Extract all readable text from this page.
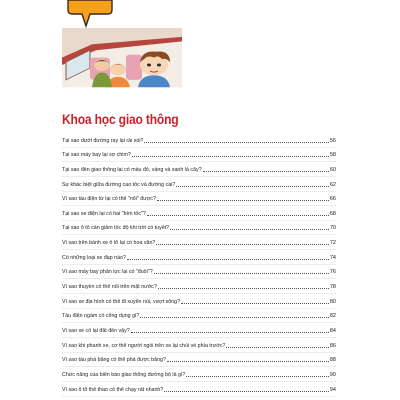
Khoa học giao thông
Tại sao dưới đường ray lại rải sỏi?	56
Tại sao máy bay lại sợ chim?	58
Tại sao đèn giao thông lại có màu đỏ, vàng và xanh lá cây?	60
Sự khác biệt giữa đường cao tốc và đường cái?	62
Vì sao tàu điện từ lại có thể "nổi" được?	66
Tại sao xe điện lại có hai "bím tóc"?	68
Tại sao ô tô cần giảm tốc độ khi trời có tuyết?	70
Vì sao trên bánh xe ô tô lại có hoa văn?	72
Có những loại xe đạp nào?	74
Vì sao máy bay phản lực lại có "đuôi"?	76
Vì sao thuyền có thể nổi trên mặt nước?	78
Vì sao xe địa hình có thể đi xuyên núi, vượt sông?	80
Tàu điện ngầm có công dụng gì?	82
Vì sao xe cổ lại đắt đến vậy?	84
Vì sao khi phanh xe, cơ thể người ngồi trên xe lại chúi về phía trước?	86
Vì sao tàu phá băng có thể phá được băng?	88
Chức năng của biển báo giao thông đường bộ là gì?	90
Vì sao ô tô thể thao có thể chạy rất nhanh?	94
